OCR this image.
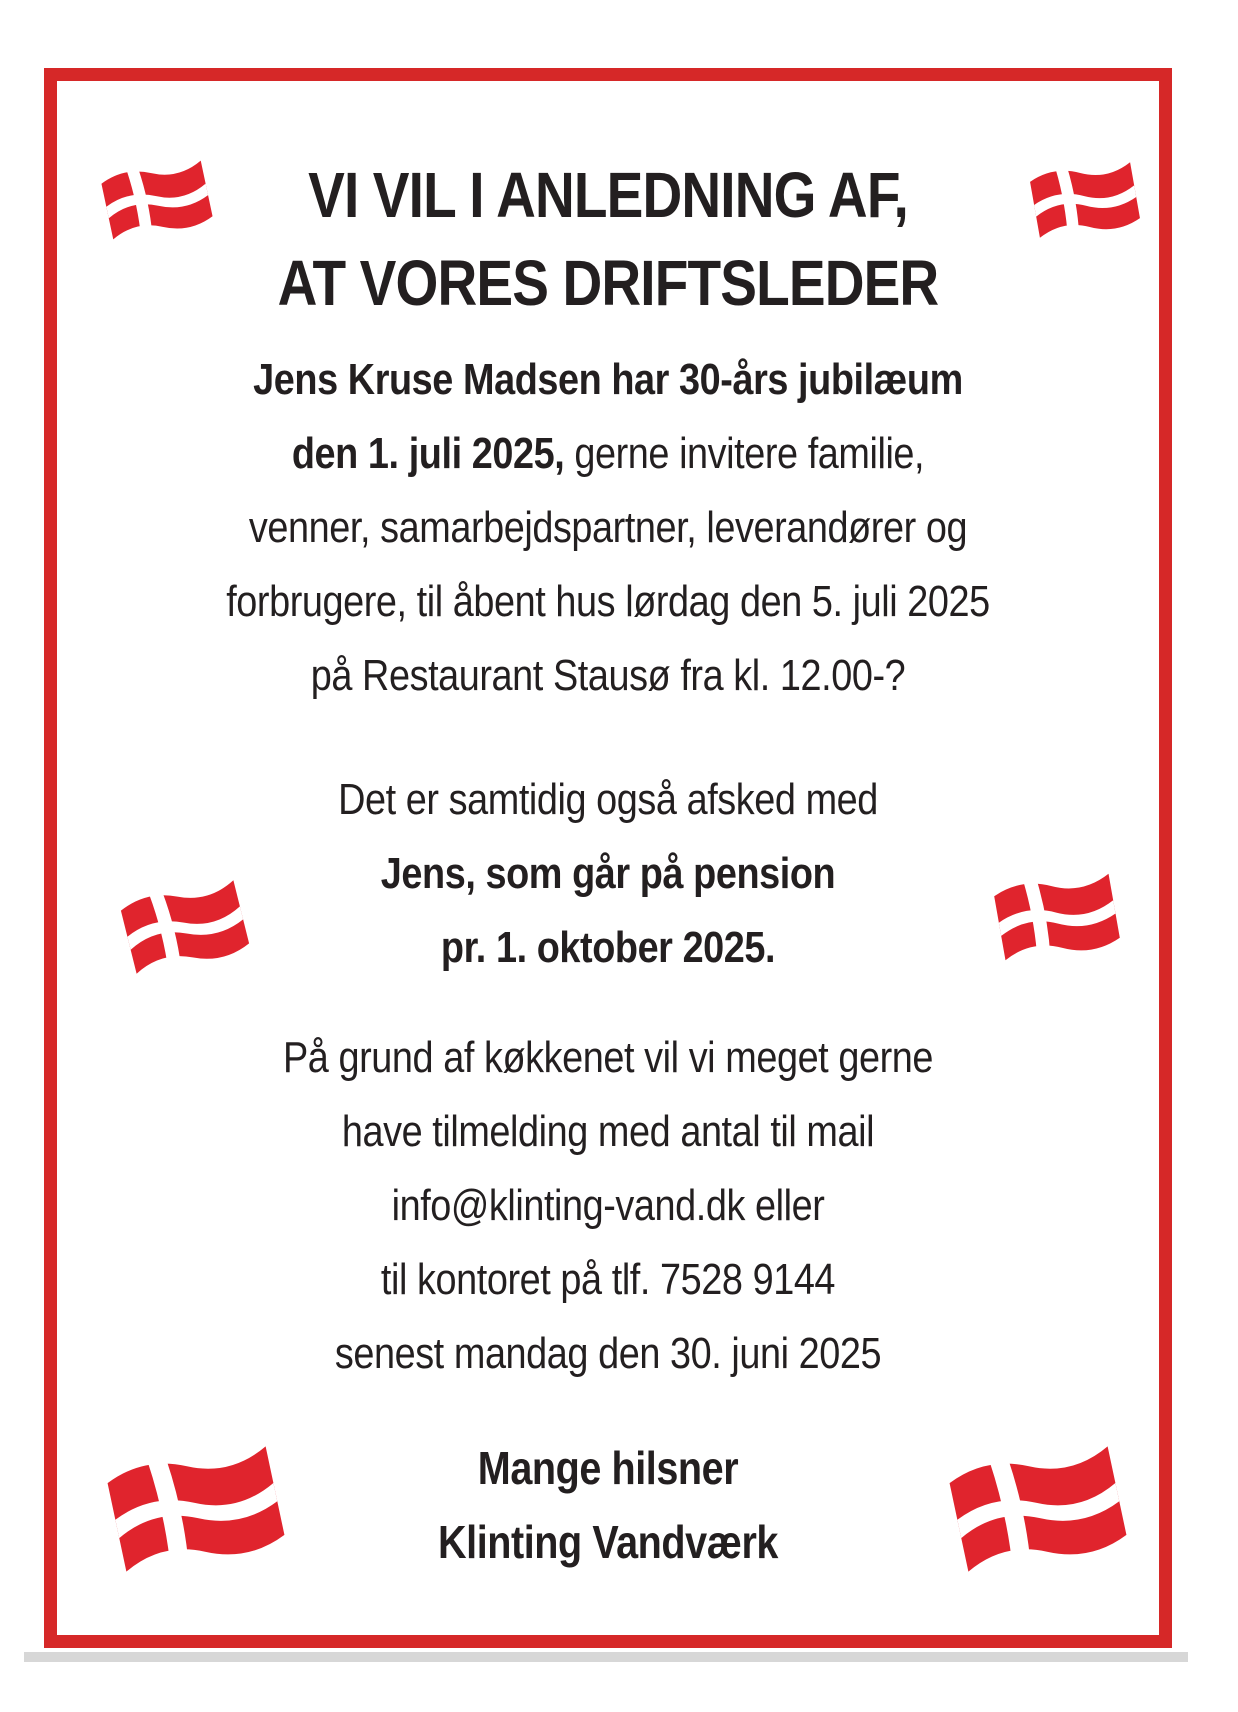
VI VIL I ANLEDNING AF,
AT VORES DRIFTSLEDER
Jens Kruse Madsen har 30-års jubilæum
den 1. juli 2025, gerne invitere familie,
venner, samarbejdspartner, leverandører og
forbrugere, til åbent hus lørdag den 5. juli 2025
på Restaurant Stausø fra kl. 12.00-?
Det er samtidig også afsked med
Jens, som går på pension
pr. 1. oktober 2025.
På grund af køkkenet vil vi meget gerne
have tilmelding med antal til mail
info@klinting-vand.dk eller
til kontoret på tlf. 7528 9144
senest mandag den 30. juni 2025
Mange hilsner
Klinting Vandværk
